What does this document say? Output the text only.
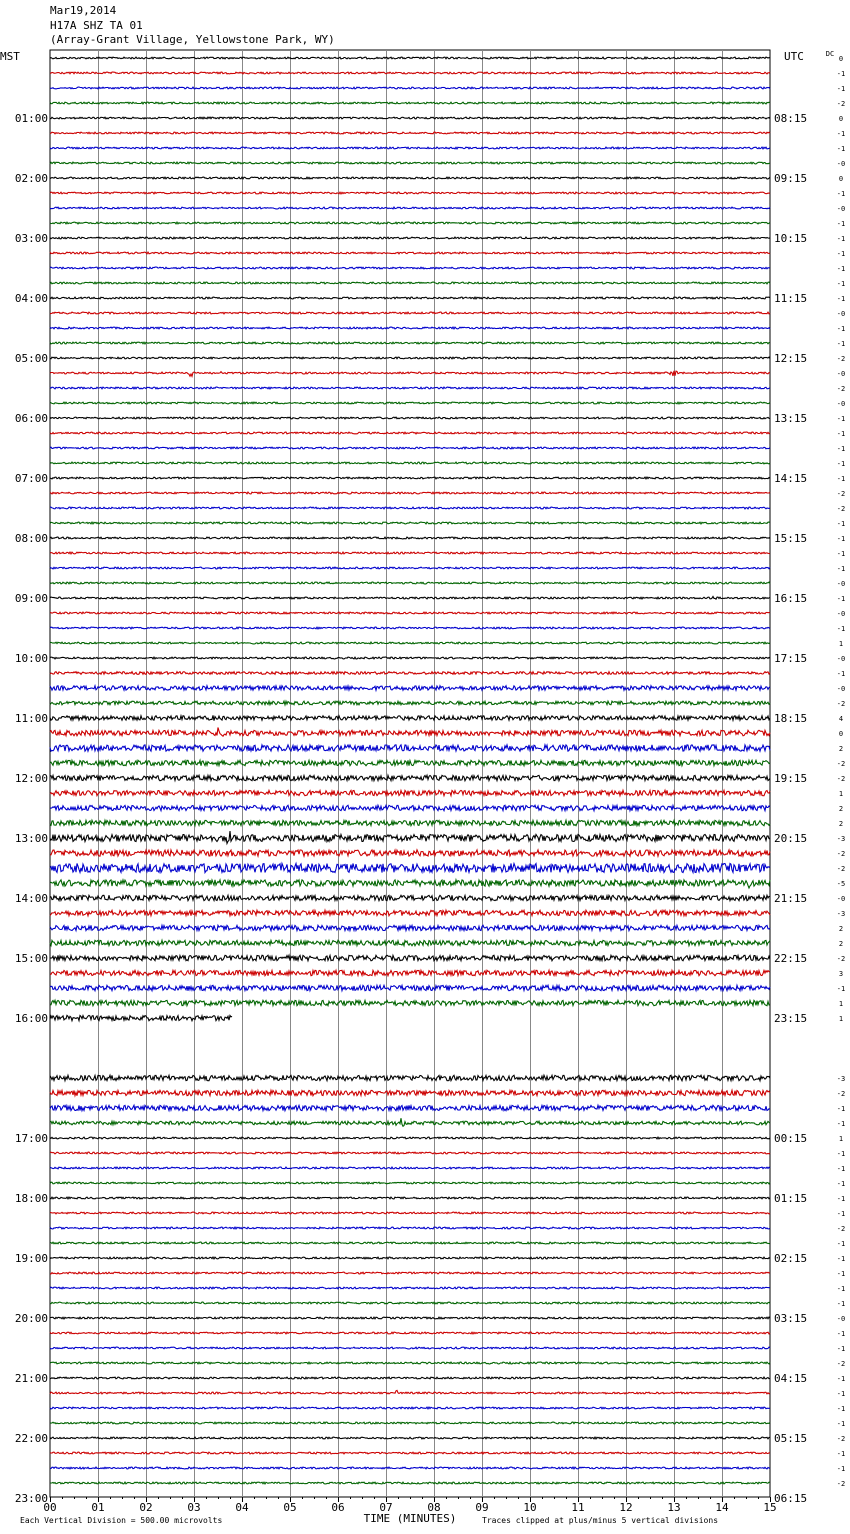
Mar19,2014
H17A SHZ TA 01
(Array-Grant Village, Yellowstone Park, WY)
0
-1
-1
-2
0
-1
-1
-0
0
-1
-0
-1
-1
-1
-1
-1
-1
-0
-1
-1
-2
-0
-2
-0
-1
-1
-1
-1
-1
-2
-2
-1
-1
-1
-1
-0
-1
-0
-1
1
-0
-1
-0
-2
4
0
2
-2
-2
1
2
2
-3
-2
-2
-5
-0
-3
2
2
-2
3
-1
1
1
-3
-2
-1
-1
1
-1
-1
-1
-1
-1
-2
-1
-1
-1
-1
-1
-0
-1
-1
-2
-1
-1
-1
-1
-2
-1
-1
-2
01:00	08:15
02:00	09:15
03:00	10:15
04:00	11:15
05:00	12:15
06:00	13:15
07:00	14:15
08:00	15:15
09:00	16:15
10:00	17:15
11:00	18:15
12:00	19:15
13:00	20:15
14:00	21:15
15:00	22:15
16:00	23:15
17:00	00:15
18:00	01:15
19:00	02:15
20:00	03:15
21:00	04:15
22:00	05:15
23:00	06:15
MST	UTC	DC
00	01	02	03	04	05	06	07	08	09	10	11	12	13	14	15
TIME (MINUTES)
Each Vertical Division = 500.00 microvolts	Traces clipped at plus/minus 5 vertical divisions
